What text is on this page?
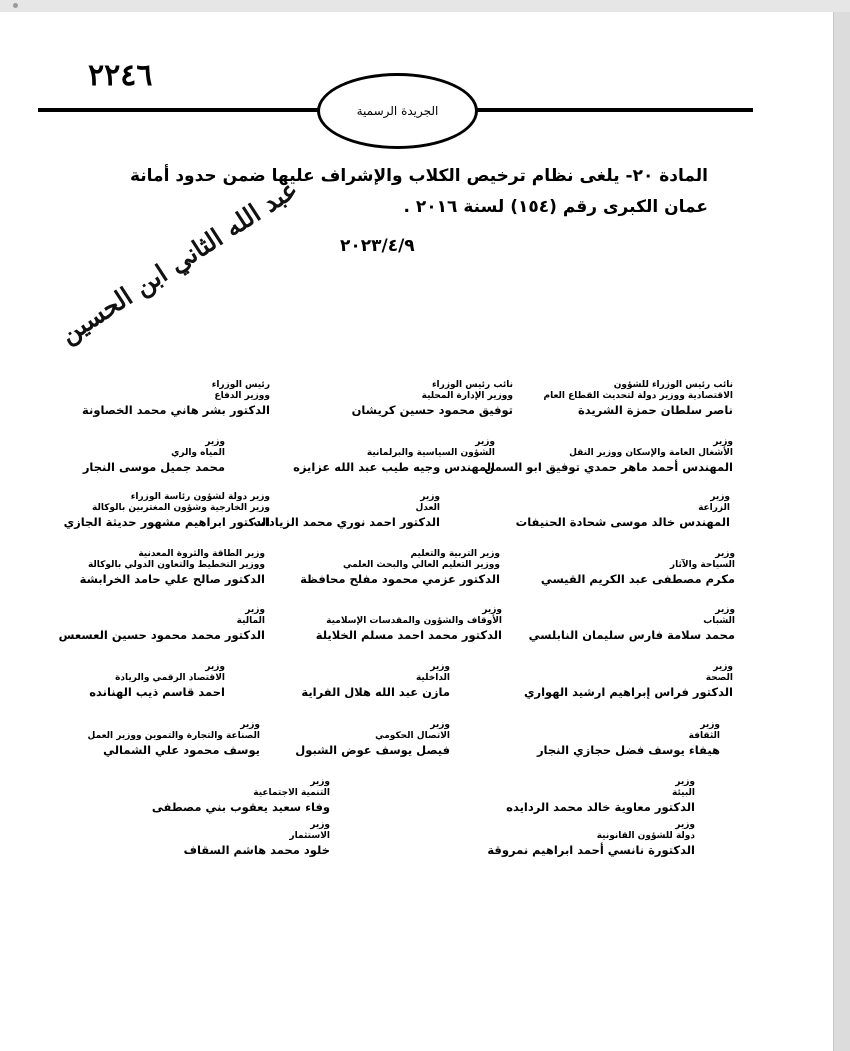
٢٢٤٦
الجريدة الرسمية
المادة ٢٠- يلغى نظام ترخيص الكلاب والإشراف عليها ضمن حدود أمانة
عمان الكبرى رقم (١٥٤) لسنة ٢٠١٦ .
٢٠٢٣/٤/٩
عبد الله الثاني ابن الحسين
نائب رئيس الوزراء للشؤون
الاقتصادية ووزير دولة لتحديث القطاع العام
ناصر سلطان حمزة الشريدة
نائب رئيس الوزراء
ووزير الإدارة المحلية
توفيق محمود حسين كريشان
رئيس الوزراء
ووزير الدفاع
الدكتور بشر هاني محمد الخصاونة
وزير
الأشغال العامة والإسكان ووزير النقل
المهندس أحمد ماهر حمدي توفيق ابو السمن
وزير
الشؤون السياسية والبرلمانية
المهندس وجيه طيب عبد الله عزايزه
وزير
المياه والري
محمد جميل موسى النجار
وزير
الزراعة
المهندس خالد موسى شحادة الحنيفات
وزير
العدل
الدكتور احمد نوري محمد الزيادات
وزير دولة لشؤون رئاسة الوزراء
وزير الخارجية وشؤون المغتربين بالوكالة
الدكتور ابراهيم مشهور حديثة الجازي
وزير
السياحة والآثار
مكرم مصطفى عبد الكريم القيسي
وزير التربية والتعليم
ووزير التعليم العالي والبحث العلمي
الدكتور عزمي محمود مفلح محافظة
وزير الطاقة والثروة المعدنية
ووزير التخطيط والتعاون الدولي بالوكالة
الدكتور صالح علي حامد الخرابشة
وزير
الشباب
محمد سلامة فارس سليمان النابلسي
وزير
الأوقاف والشؤون والمقدسات الإسلامية
الدكتور محمد احمد مسلم الخلايلة
وزير
المالية
الدكتور محمد محمود حسين العسعس
وزير
الصحة
الدكتور فراس إبراهيم ارشيد الهواري
وزير
الداخلية
مازن عبد الله هلال الفراية
وزير
الاقتصاد الرقمي والريادة
احمد قاسم ذيب الهنانده
وزير
الثقافة
هيفاء يوسف فضل حجازي النجار
وزير
الاتصال الحكومي
فيصل يوسف عوض الشبول
وزير
الصناعة والتجارة والتموين ووزير العمل
يوسف محمود علي الشمالي
وزير
البيئة
الدكتور معاوية خالد محمد الردايده
وزير
التنمية الاجتماعية
وفاء سعيد يعقوب بني مصطفى
وزير
دولة للشؤون القانونية
الدكتورة نانسي أحمد ابراهيم نمروقة
وزير
الاستثمار
خلود محمد هاشم السقاف
